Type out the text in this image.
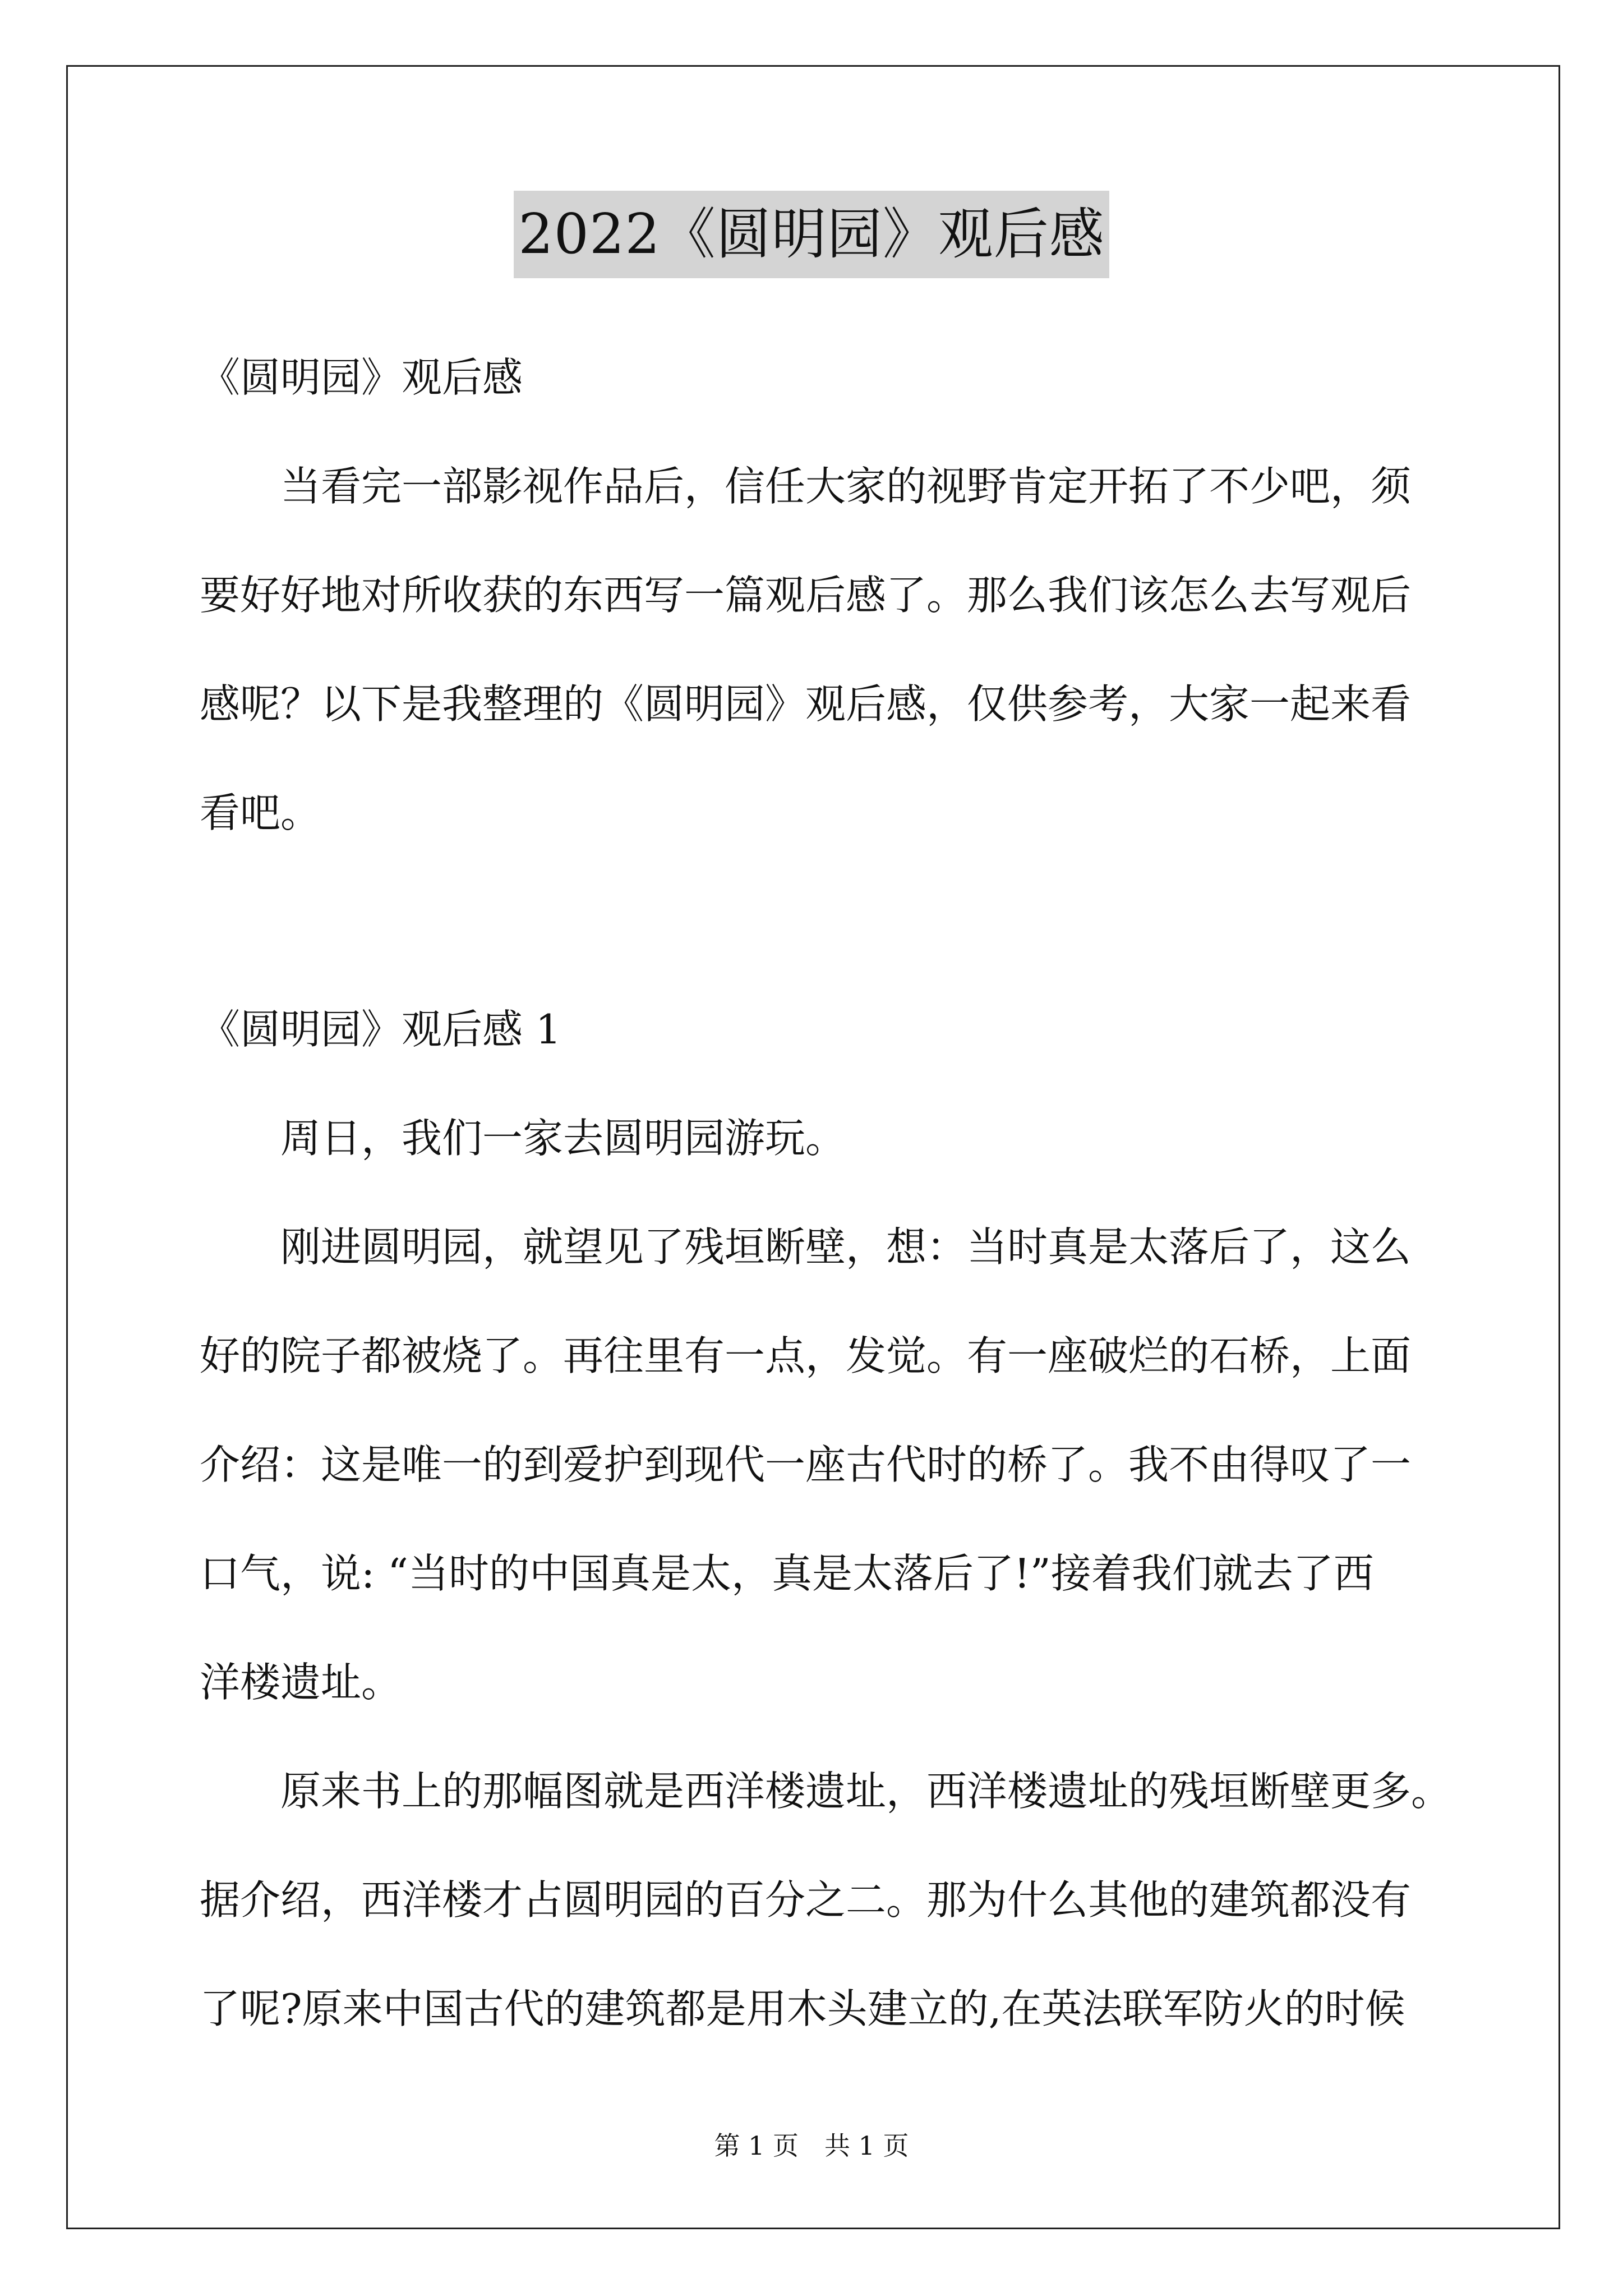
2022《圆明园》观后感
《圆明园》观后感
当看完一部影视作品后，信任大家的视野肯定开拓了不少吧，须
要好好地对所收获的东西写一篇观后感了。那么我们该怎么去写观后
感呢？以下是我整理的《圆明园》观后感，仅供参考，大家一起来看
看吧。
《圆明园》观后感 1
周日，我们一家去圆明园游玩。
刚进圆明园，就望见了残垣断壁，想：当时真是太落后了，这么
好的院子都被烧了。再往里有一点，发觉。有一座破烂的石桥，上面
介绍：这是唯一的到爱护到现代一座古代时的桥了。我不由得叹了一
口气，说: “当时的中国真是太，真是太落后了!”接着我们就去了西
洋楼遗址。
原来书上的那幅图就是西洋楼遗址，西洋楼遗址的残垣断壁更多。
据介绍，西洋楼才占圆明园的百分之二。那为什么其他的建筑都没有
了呢?原来中国古代的建筑都是用木头建立的,在英法联军防火的时候
第 1 页　共 1 页
